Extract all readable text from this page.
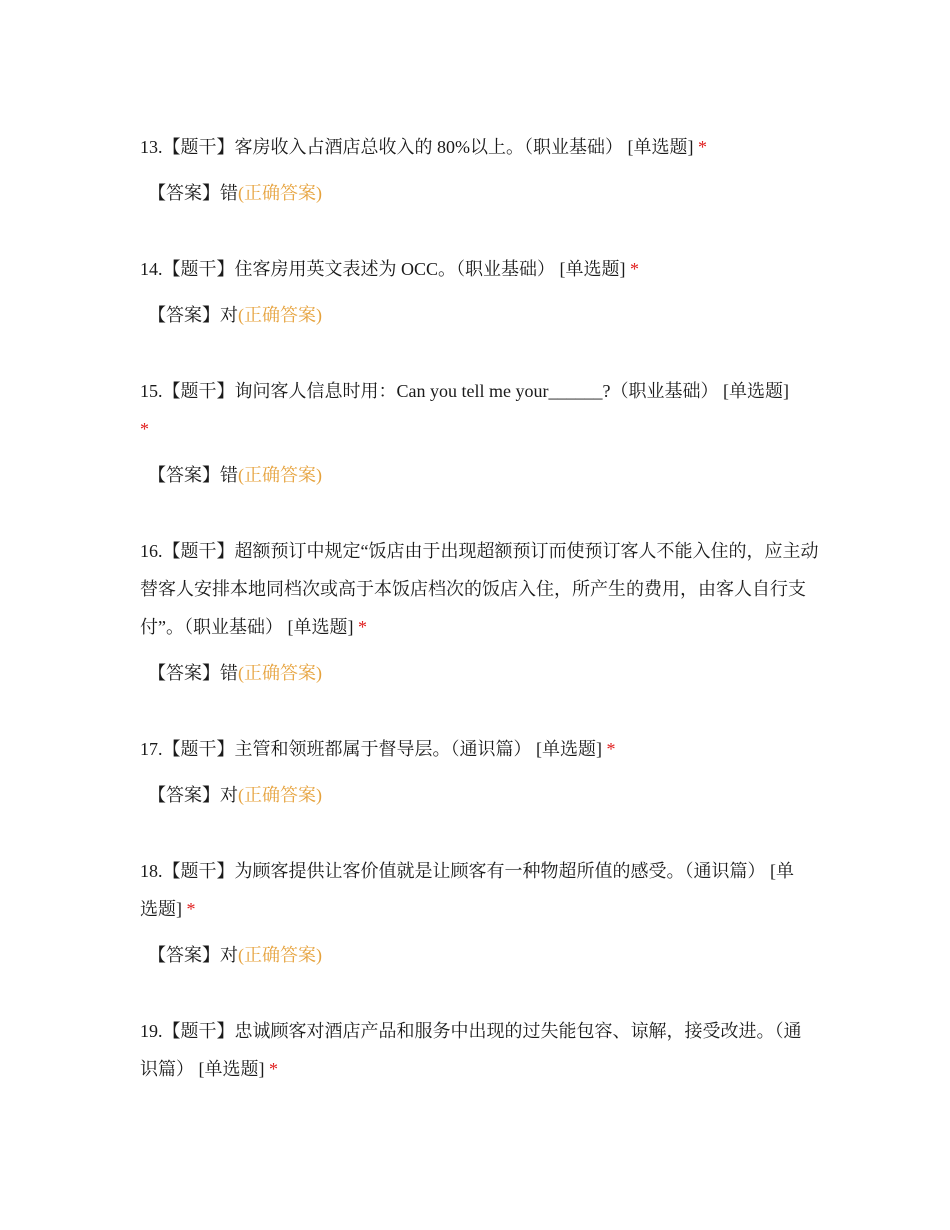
13.【题干】客房收入占酒店总收入的 80%以上。（职业基础） [单选题] *
【答案】错(正确答案)
14.【题干】住客房用英文表述为 OCC。（职业基础） [单选题] *
【答案】对(正确答案)
15.【题干】询问客人信息时用：Can you tell me your______?（职业基础） [单选题] *
【答案】错(正确答案)
16.【题干】超额预订中规定“饭店由于出现超额预订而使预订客人不能入住的，应主动替客人安排本地同档次或高于本饭店档次的饭店入住，所产生的费用，由客人自行支付”。（职业基础） [单选题] *
【答案】错(正确答案)
17.【题干】主管和领班都属于督导层。（通识篇） [单选题] *
【答案】对(正确答案)
18.【题干】为顾客提供让客价值就是让顾客有一种物超所值的感受。（通识篇） [单选题] *
【答案】对(正确答案)
19.【题干】忠诚顾客对酒店产品和服务中出现的过失能包容、谅解，接受改进。（通识篇） [单选题] *
